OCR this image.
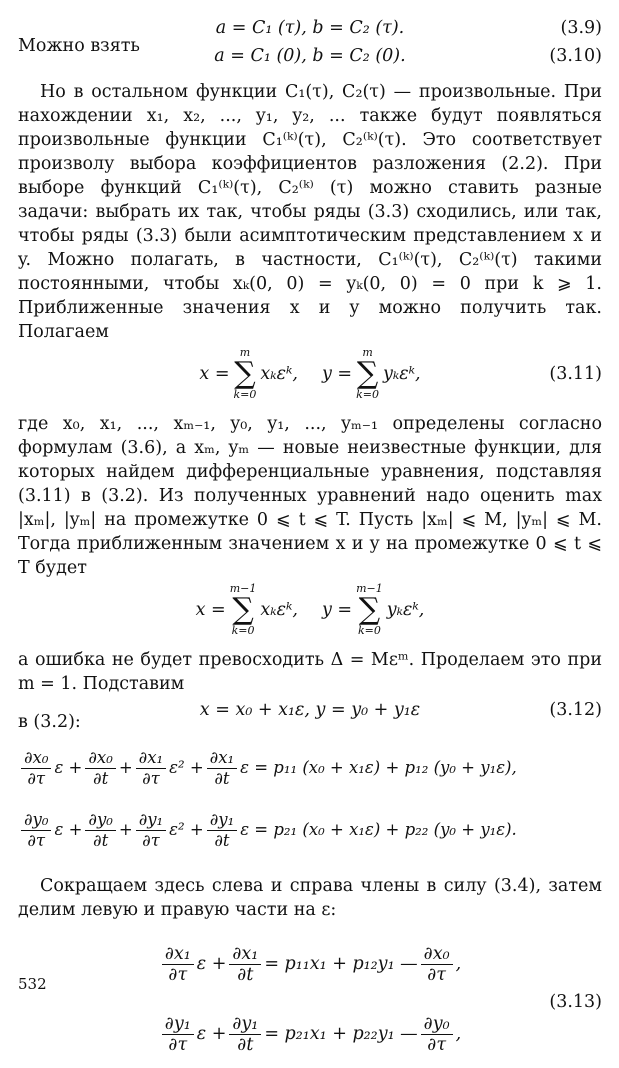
a = C₁ (τ), b = C₂ (τ).	(3.9)
Можно взять	a = C₁ (0), b = C₂ (0).	(3.10)

Но в остальном функции C₁(τ), C₂(τ) — произвольные. При нахождении x₁, x₂, ..., y₁, y₂, ... также будут появляться произвольные функции C₁⁽ᵏ⁾(τ), C₂⁽ᵏ⁾(τ). Это соответствует произволу выбора коэффициентов разложения (2.2). При выборе функций C₁⁽ᵏ⁾(τ), C₂⁽ᵏ⁾ (τ) можно ставить разные задачи: выбрать их так, чтобы ряды (3.3) сходились, или так, чтобы ряды (3.3) были асимптотическим представлением x и y. Можно полагать, в частности, C₁⁽ᵏ⁾(τ), C₂⁽ᵏ⁾(τ) такими постоянными, чтобы xₖ(0, 0) = yₖ(0, 0) = 0 при k ⩾ 1. Приближенные значения x и y можно получить так. Полагаем

x =
m
∑
k=0
xₖεᵏ, y =
m
∑
k=0
yₖεᵏ,	(3.11)

где x₀, x₁, ..., xₘ₋₁, y₀, y₁, ..., yₘ₋₁ определены согласно формулам (3.6), а xₘ, yₘ — новые неизвестные функции, для которых найдем дифференциальные уравнения, подставляя (3.11) в (3.2). Из полученных уравнений надо оценить max |xₘ|, |yₘ| на промежутке 0 ⩽ t ⩽ T. Пусть |xₘ| ⩽ M, |yₘ| ⩽ M. Тогда приближенным значением x и y на промежутке 0 ⩽ t ⩽ T будет

x =
m−1
∑
k=0
xₖεᵏ, y =
m−1
∑
k=0
yₖεᵏ,

а ошибка не будет превосходить Δ = Mεᵐ. Проделаем это при m = 1. Подставим

в (3.2):
x = x₀ + x₁ε, y = y₀ + y₁ε	(3.12)
$\frac{\text{∂x₀}}{\partial\tau}$ $\varepsilon + \frac{\text{∂x₀}}{\partial t} + \frac{\text{∂x₁}}{\partial\tau} \varepsilon^2 + \frac{\text{∂x₁}}{\partial t}$ ε = p₁₁ (x₀ + x₁ε) + p₁₂ (y₀ + y₁ε),
$\frac{\text{∂y₀}}{\partial\tau}$ $\varepsilon + \frac{\text{∂y₀}}{\partial t} + \frac{\text{∂y₁}}{\partial\tau} \varepsilon^2 + \frac{\text{∂y₁}}{\partial t}$ ε = p₂₁ (x₀ + x₁ε) + p₂₂ (y₀ + y₁ε).

Сокращаем здесь слева и справа члены в силу (3.4), затем делим левую и правую части на ε:

$\frac{\text{∂x₁}}{\partial\tau}$ $\varepsilon + \frac{\text{∂x₁}}{\partial t} = p_{11}x_1 + p_{12}y_1$ — $\frac{\text{∂x₀}}{\partial\tau}$ ,
$\frac{\text{∂y₁}}{\partial\tau}$ $\varepsilon + \frac{\text{∂y₁}}{\partial t} = p_{21}x_1 + p_{22}y_1$ — $\frac{\text{∂y₀}}{\partial\tau}$ ,
(3.13)
532
